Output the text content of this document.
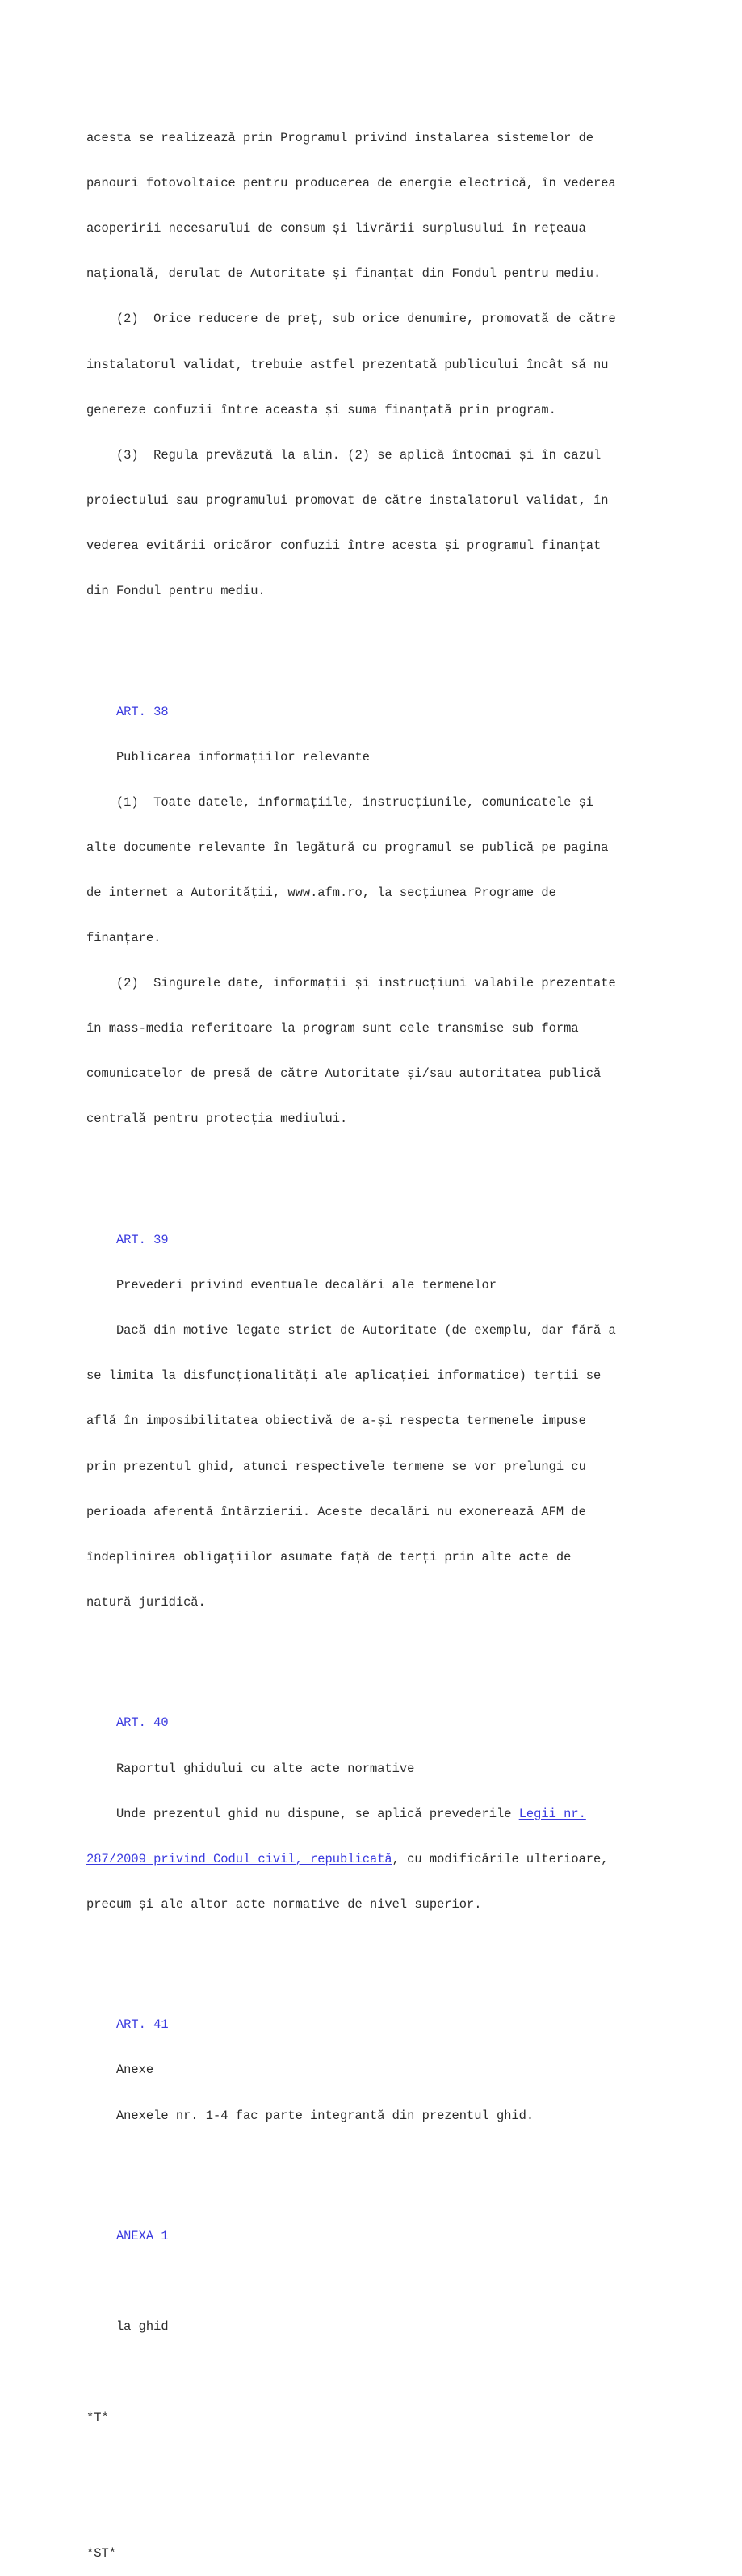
acesta se realizează prin Programul privind instalarea sistemelor de

panouri fotovoltaice pentru producerea de energie electrică, în vederea

acoperirii necesarului de consum și livrării surplusului în rețeaua

națională, derulat de Autoritate și finanțat din Fondul pentru mediu.

(2)  Orice reducere de preț, sub orice denumire, promovată de către

instalatorul validat, trebuie astfel prezentată publicului încât să nu

genereze confuzii între aceasta și suma finanțată prin program.

(3)  Regula prevăzută la alin. (2) se aplică întocmai și în cazul

proiectului sau programului promovat de către instalatorul validat, în

vederea evitării oricăror confuzii între acesta și programul finanțat

din Fondul pentru mediu.

ART. 38

Publicarea informațiilor relevante

(1)  Toate datele, informațiile, instrucțiunile, comunicatele și

alte documente relevante în legătură cu programul se publică pe pagina

de internet a Autorității, www.afm.ro, la secțiunea Programe de

finanțare.

(2)  Singurele date, informații și instrucțiuni valabile prezentate

în mass-media referitoare la program sunt cele transmise sub forma

comunicatelor de presă de către Autoritate și/sau autoritatea publică

centrală pentru protecția mediului.

ART. 39

Prevederi privind eventuale decalări ale termenelor

Dacă din motive legate strict de Autoritate (de exemplu, dar fără a

se limita la disfuncționalități ale aplicației informatice) terții se

află în imposibilitatea obiectivă de a-și respecta termenele impuse

prin prezentul ghid, atunci respectivele termene se vor prelungi cu

perioada aferentă întârzierii. Aceste decalări nu exonerează AFM de

îndeplinirea obligațiilor asumate față de terți prin alte acte de

natură juridică.

ART. 40

Raportul ghidului cu alte acte normative

Unde prezentul ghid nu dispune, se aplică prevederile Legii nr.

287/2009 privind Codul civil, republicată, cu modificările ulterioare,

precum și ale altor acte normative de nivel superior.

ART. 41

Anexe

Anexele nr. 1-4 fac parte integrantă din prezentul ghid.

ANEXA 1

la ghid

*T*

*ST*
